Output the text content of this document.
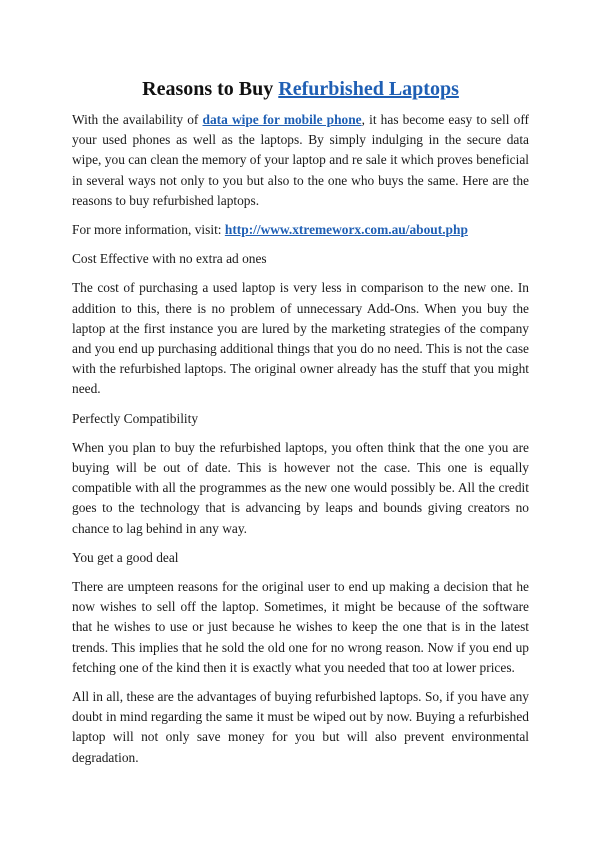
Reasons to Buy Refurbished Laptops

With the availability of data wipe for mobile phone, it has become easy to sell off your used phones as well as the laptops. By simply indulging in the secure data wipe, you can clean the memory of your laptop and re sale it which proves beneficial in several ways not only to you but also to the one who buys the same. Here are the reasons to buy refurbished laptops.

For more information, visit: http://www.xtremeworx.com.au/about.php

Cost Effective with no extra ad ones

The cost of purchasing a used laptop is very less in comparison to the new one. In addition to this, there is no problem of unnecessary Add-Ons. When you buy the laptop at the first instance you are lured by the marketing strategies of the company and you end up purchasing additional things that you do no need. This is not the case with the refurbished laptops. The original owner already has the stuff that you might need.

Perfectly Compatibility

When you plan to buy the refurbished laptops, you often think that the one you are buying will be out of date. This is however not the case. This one is equally compatible with all the programmes as the new one would possibly be. All the credit goes to the technology that is advancing by leaps and bounds giving creators no chance to lag behind in any way.

You get a good deal

There are umpteen reasons for the original user to end up making a decision that he now wishes to sell off the laptop. Sometimes, it might be because of the software that he wishes to use or just because he wishes to keep the one that is in the latest trends. This implies that he sold the old one for no wrong reason. Now if you end up fetching one of the kind then it is exactly what you needed that too at lower prices.

All in all, these are the advantages of buying refurbished laptops. So, if you have any doubt in mind regarding the same it must be wiped out by now. Buying a refurbished laptop will not only save money for you but will also prevent environmental degradation.
